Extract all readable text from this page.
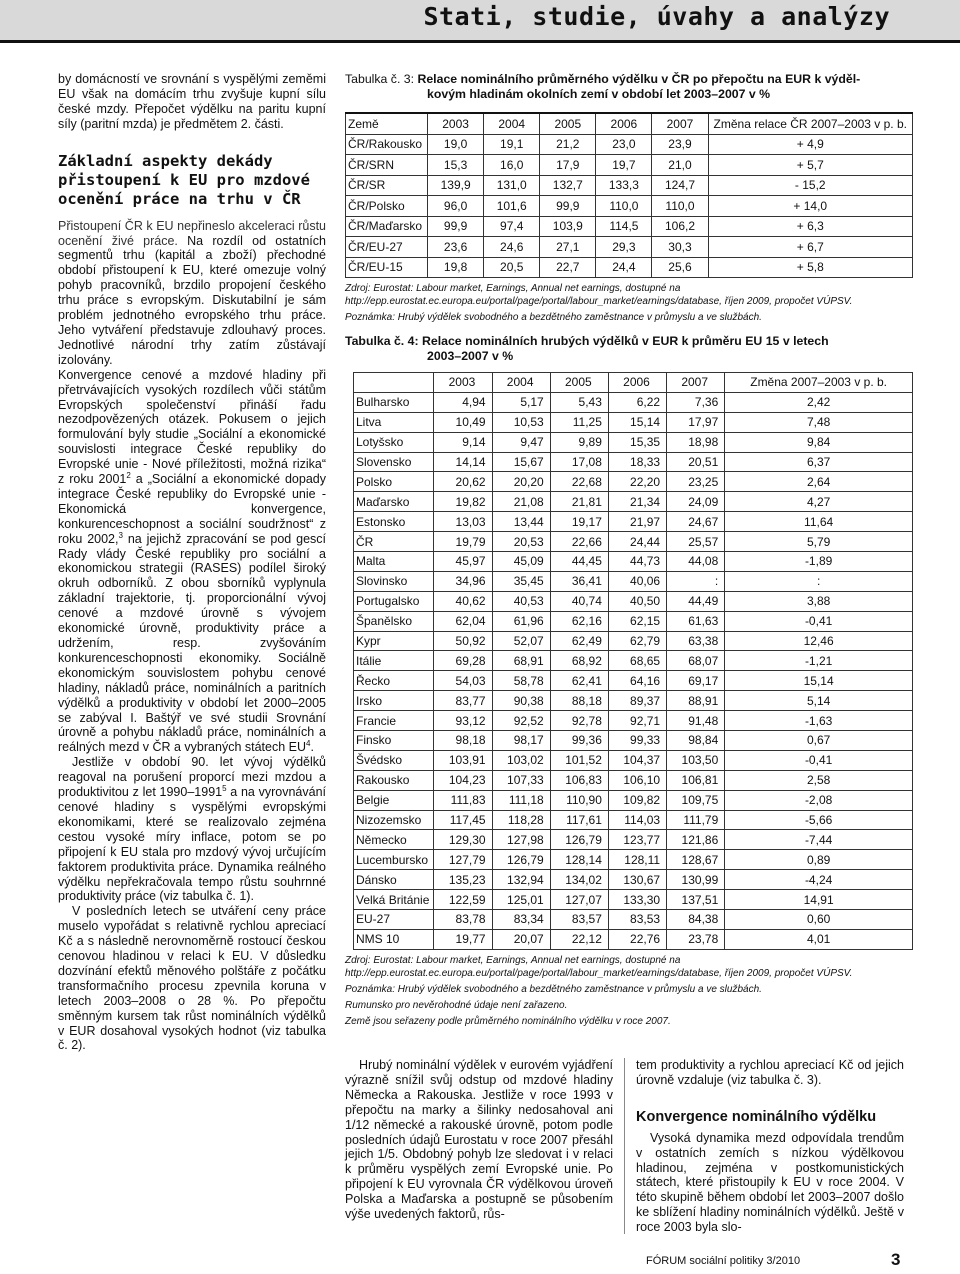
Stati, studie, úvahy a analýzy

by domácností ve srovnání s vyspělými zeměmi EU však na domácím trhu zvyšuje kupní sílu české mzdy. Přepočet výdělku na paritu kupní síly (paritní mzda) je předmětem 2. části.

Základní aspekty dekády přistoupení k EU pro mzdové ocenění práce na trhu v ČR

Přistoupení ČR k EU nepřineslo akceleraci růstu ocenění živé práce. Na rozdíl od ostatních segmentů trhu (kapitál a zboží) přechodné období přistoupení k EU, které omezuje volný pohyb pracovníků, brzdilo propojení českého trhu práce s evropským. Diskutabilní je sám problém jednotného evropského trhu práce. Jeho vytváření představuje zdlouhavý proces. Jednotlivé národní trhy zatím zůstávají izolovány.

Konvergence cenové a mzdové hladiny při přetrvávajících vysokých rozdílech vůči státům Evropských společenství přináší řadu nezodpovězených otázek. Pokusem o jejich formulování byly studie „Sociální a ekonomické souvislosti integrace České republiky do Evropské unie - Nové příležitosti, možná rizika“ z roku 2001$^2$ a „Sociální a ekonomické dopady integrace České republiky do Evropské unie - Ekonomická konvergence, konkurenceschopnost a sociální soudržnost“ z roku 2002,$^3$ na jejichž zpracování se pod gescí Rady vlády České republiky pro sociální a ekonomickou strategii (RASES) podílel široký okruh odborníků. Z obou sborníků vyplynula základní trajektorie, tj. proporcionální vývoj cenové a mzdové úrovně s vývojem ekonomické úrovně, produktivity práce a udržením, resp. zvyšováním konkurenceschopnosti ekonomiky. Sociálně ekonomickým souvislostem pohybu cenové hladiny, nákladů práce, nominálních a paritních výdělků a produktivity v období let 2000–2005 se zabýval I. Baštýř ve své studii Srovnání úrovně a pohybu nákladů práce, nominálních a reálných mezd v ČR a vybraných státech $EU^4$.

Jestliže v období 90. let vývoj výdělků reagoval na porušení proporcí mezi mzdou a produktivitou z let 1990–1991$^5$ a na vyrovnávání cenové hladiny s vyspělými evropskými ekonomikami, které se realizovalo zejména cestou vysoké míry inflace, potom se po připojení k EU stala pro mzdový vývoj určujícím faktorem produktivita práce. Dynamika reálného výdělku nepřekračovala tempo růstu souhrnné produktivity práce (viz tabulka č. 1).

V posledních letech se utváření ceny práce muselo vypořádat s relativně rychlou apreciací Kč a s následně nerovnoměrně rostoucí českou cenovou hladinou v relaci k EU. V důsledku dozvínání efektů měnového polštáře z počátku transformačního procesu zpevnila koruna v letech 2003–2008 o 28 %. Po přepočtu směnným kursem tak růst nominálních výdělků v EUR dosahoval vysokých hodnot (viz tabulka č. 2).

Tabulka č. 3: Relace nominálního průměrného výdělku v ČR po přepočtu na EUR k výděl-
kovým hladinám okolních zemí v období let 2003–2007 v %

Země	2003	2004	2005	2006	2007	Změna relace ČR 2007–2003 v p. b.
ČR/Rakousko	19,0	19,1	21,2	23,0	23,9	+ 4,9
ČR/SRN	15,3	16,0	17,9	19,7	21,0	+ 5,7
ČR/SR	139,9	131,0	132,7	133,3	124,7	- 15,2
ČR/Polsko	96,0	101,6	99,9	110,0	110,0	+ 14,0
ČR/Maďarsko	99,9	97,4	103,9	114,5	106,2	+ 6,3
ČR/EU-27	23,6	24,6	27,1	29,3	30,3	+ 6,7
ČR/EU-15	19,8	20,5	22,7	24,4	25,6	+ 5,8

Zdroj: Eurostat: Labour market, Earnings, Annual net earnings, dostupné na http://epp.eurostat.ec.europa.eu/portal/page/portal/labour_market/earnings/database, říjen 2009, propočet VÚPSV.

Poznámka: Hrubý výdělek svobodného a bezdětného zaměstnance v průmyslu a ve službách.

Tabulka č. 4: Relace nominálních hrubých výdělků v EUR k průměru EU 15 v letech
2003–2007 v %

	2003	2004	2005	2006	2007	Změna 2007–2003 v p. b.
Bulharsko	4,94	5,17	5,43	6,22	7,36	2,42
Litva	10,49	10,53	11,25	15,14	17,97	7,48
Lotyšsko	9,14	9,47	9,89	15,35	18,98	9,84
Slovensko	14,14	15,67	17,08	18,33	20,51	6,37
Polsko	20,62	20,20	22,68	22,20	23,25	2,64
Maďarsko	19,82	21,08	21,81	21,34	24,09	4,27
Estonsko	13,03	13,44	19,17	21,97	24,67	11,64
ČR	19,79	20,53	22,66	24,44	25,57	5,79
Malta	45,97	45,09	44,45	44,73	44,08	-1,89
Slovinsko	34,96	35,45	36,41	40,06	:	:
Portugalsko	40,62	40,53	40,74	40,50	44,49	3,88
Španělsko	62,04	61,96	62,16	62,15	61,63	-0,41
Kypr	50,92	52,07	62,49	62,79	63,38	12,46
Itálie	69,28	68,91	68,92	68,65	68,07	-1,21
Řecko	54,03	58,78	62,41	64,16	69,17	15,14
Irsko	83,77	90,38	88,18	89,37	88,91	5,14
Francie	93,12	92,52	92,78	92,71	91,48	-1,63
Finsko	98,18	98,17	99,36	99,33	98,84	0,67
Švédsko	103,91	103,02	101,52	104,37	103,50	-0,41
Rakousko	104,23	107,33	106,83	106,10	106,81	2,58
Belgie	111,83	111,18	110,90	109,82	109,75	-2,08
Nizozemsko	117,45	118,28	117,61	114,03	111,79	-5,66
Německo	129,30	127,98	126,79	123,77	121,86	-7,44
Lucembursko	127,79	126,79	128,14	128,11	128,67	0,89
Dánsko	135,23	132,94	134,02	130,67	130,99	-4,24
Velká Británie	122,59	125,01	127,07	133,30	137,51	14,91
EU-27	83,78	83,34	83,57	83,53	84,38	0,60
NMS 10	19,77	20,07	22,12	22,76	23,78	4,01

Zdroj: Eurostat: Labour market, Earnings, Annual net earnings, dostupné na http://epp.eurostat.ec.europa.eu/portal/page/portal/labour_market/earnings/database, říjen 2009, propočet VÚPSV.

Poznámka: Hrubý výdělek svobodného a bezdětného zaměstnance v průmyslu a ve službách.

Rumunsko pro nevěrohodné údaje není zařazeno.

Země jsou seřazeny podle průměrného nominálního výdělku v roce 2007.

Hrubý nominální výdělek v eurovém vyjádření výrazně snížil svůj odstup od mzdové hladiny Německa a Rakouska. Jestliže v roce 1993 v přepočtu na marky a šilinky nedosahoval ani 1/12 německé a rakouské úrovně, potom podle posledních údajů Eurostatu v roce 2007 přesáhl jejich 1/5. Obdobný pohyb lze sledovat i v relaci k průměru vyspělých zemí Evropské unie. Po připojení k EU vyrovnala ČR výdělkovou úroveň Polska a Maďarska a postupně se působením výše uvedených faktorů, růs-

tem produktivity a rychlou apreciací Kč od jejich úrovně vzdaluje (viz tabulka č. 3).

Konvergence nominálního výdělku

Vysoká dynamika mezd odpovídala trendům v ostatních zemích s nízkou výdělkovou hladinou, zejména v postkomunistických státech, které přistoupily k EU v roce 2004. V této skupině během období let 2003–2007 došlo ke sblížení hladiny nominálních výdělků. Ještě v roce 2003 byla slo-

FÓRUM sociální politiky 3/2010	3
